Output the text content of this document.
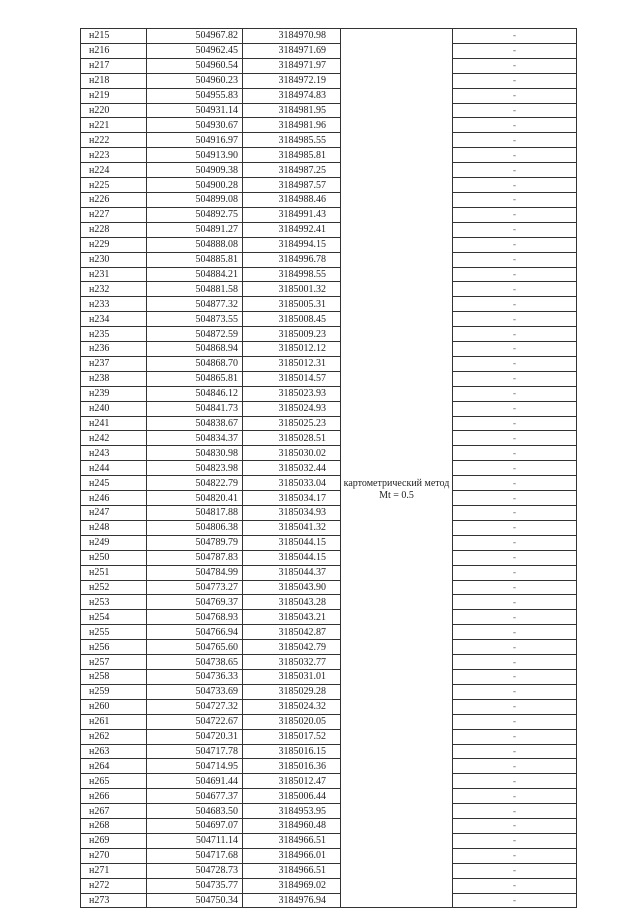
н215	504967.82	3184970.98		-
н216	504962.45	3184971.69		-
н217	504960.54	3184971.97		-
н218	504960.23	3184972.19	картометрический метод Mt = 0.5	-
н219	504955.83	3184974.83		-
н220	504931.14	3184981.95		-
н221	504930.67	3184981.96		-
н222	504916.97	3184985.55		-
н223	504913.90	3184985.81		-
н224	504909.38	3184987.25		-
н225	504900.28	3184987.57		-
н226	504899.08	3184988.46		-
н227	504892.75	3184991.43		-
н228	504891.27	3184992.41		-
н229	504888.08	3184994.15		-
н230	504885.81	3184996.78		-
н231	504884.21	3184998.55		-
н232	504881.58	3185001.32		-
н233	504877.32	3185005.31		-
н234	504873.55	3185008.45		-
н235	504872.59	3185009.23		-
н236	504868.94	3185012.12		-
н237	504868.70	3185012.31		-
н238	504865.81	3185014.57		-
н239	504846.12	3185023.93		-
н240	504841.73	3185024.93		-
н241	504838.67	3185025.23		-
н242	504834.37	3185028.51		-
н243	504830.98	3185030.02		-
н244	504823.98	3185032.44		-
н245	504822.79	3185033.04		-
н246	504820.41	3185034.17		-
н247	504817.88	3185034.93		-
н248	504806.38	3185041.32		-
н249	504789.79	3185044.15		-
н250	504787.83	3185044.15		-
н251	504784.99	3185044.37		-
н252	504773.27	3185043.90		-
н253	504769.37	3185043.28		-
н254	504768.93	3185043.21		-
н255	504766.94	3185042.87		-
н256	504765.60	3185042.79		-
н257	504738.65	3185032.77		-
н258	504736.33	3185031.01		-
н259	504733.69	3185029.28		-
н260	504727.32	3185024.32		-
н261	504722.67	3185020.05		-
н262	504720.31	3185017.52		-
н263	504717.78	3185016.15		-
н264	504714.95	3185016.36		-
н265	504691.44	3185012.47		-
н266	504677.37	3185006.44		-
н267	504683.50	3184953.95		-
н268	504697.07	3184960.48		-
н269	504711.14	3184966.51		-
н270	504717.68	3184966.01		-
н271	504728.73	3184966.51		-
н272	504735.77	3184969.02		-
н273	504750.34	3184976.94		-
